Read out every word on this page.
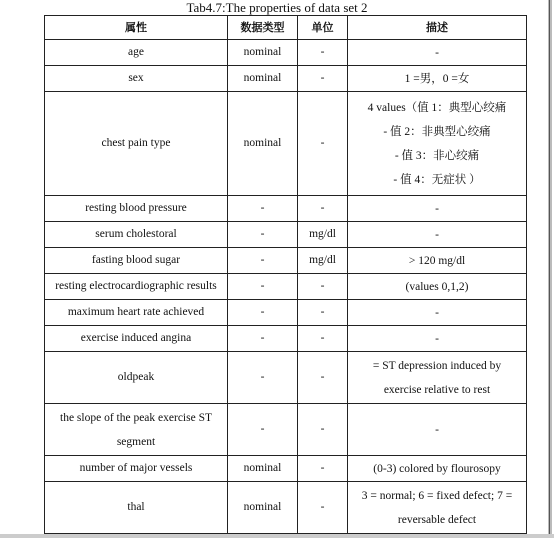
Tab4.7:The properties of data set 2
属性	数据类型	单位	描述
age	nominal	-	-

sex	nominal	-	1 =男，0 =女

chest pain type	nominal	-	4 values（值 1：典型心绞痛
- 值 2：非典型心绞痛
- 值 3：非心绞痛
- 值 4：无症状 ）

resting blood pressure	-	-	-

serum cholestoral	-	mg/dl	-

fasting blood sugar	-	mg/dl	> 120 mg/dl

resting electrocardiographic results	-	-	(values 0,1,2)

maximum heart rate achieved	-	-	-

exercise induced angina	-	-	-

oldpeak	-	-	= ST depression induced by
exercise relative to rest

the slope of the peak exercise ST segment	-	-	-

number of major vessels	nominal	-	(0-3) colored by flourosopy

thal	nominal	-	3 = normal; 6 = fixed defect; 7 =
reversable defect
